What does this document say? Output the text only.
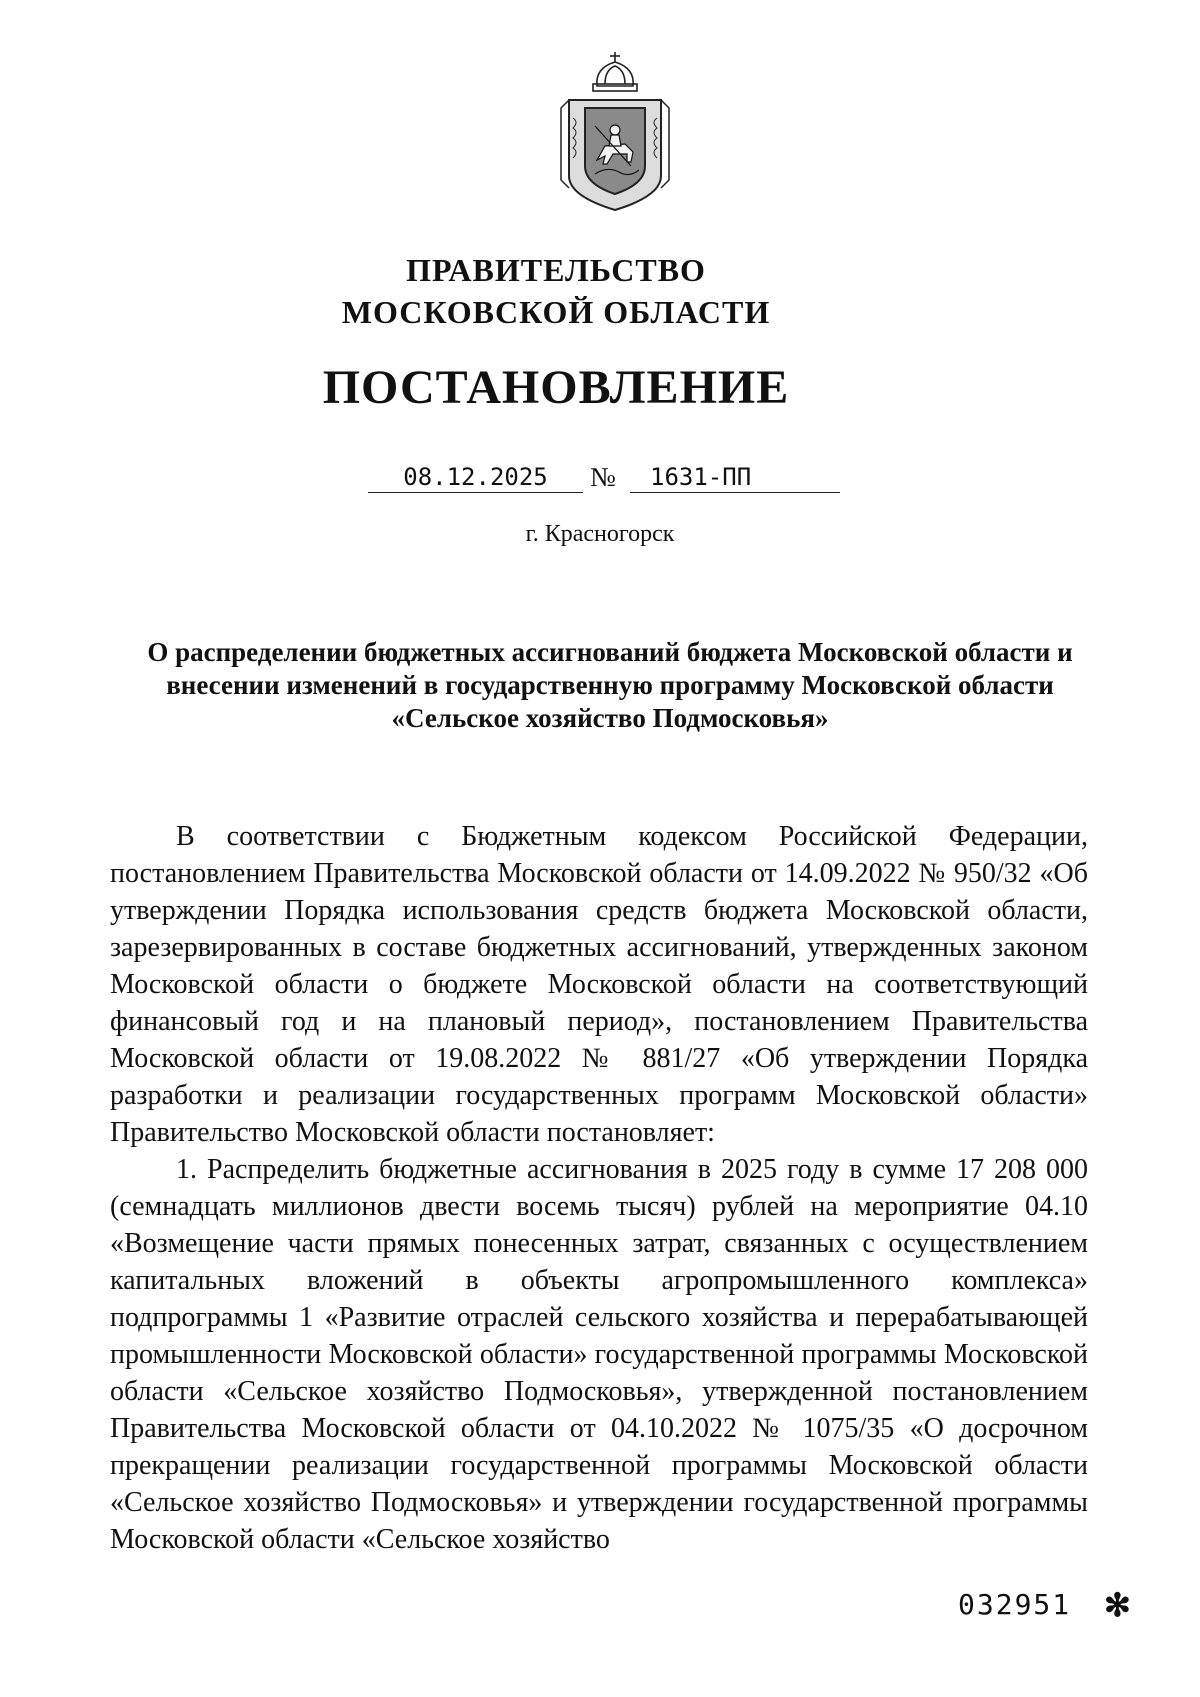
ПРАВИТЕЛЬСТВО
МОСКОВСКОЙ ОБЛАСТИ
ПОСТАНОВЛЕНИЕ
08.12.2025	№	1631-ПП
г. Красногорск
О распределении бюджетных ассигнований бюджета Московской области и внесении изменений в государственную программу Московской области «Сельское хозяйство Подмосковья»

В соответствии с Бюджетным кодексом Российской Федерации, постановлением Правительства Московской области от 14.09.2022 № 950/32 «Об утверждении Порядка использования средств бюджета Московской области, зарезервированных в составе бюджетных ассигнований, утвержденных законом Московской области о бюджете Московской области на соответствующий финансовый год и на плановый период», постановлением Правительства Московской области от 19.08.2022 № 881/27 «Об утверждении Порядка разработки и реализации государственных программ Московской области» Правительство Московской области постановляет:

1. Распределить бюджетные ассигнования в 2025 году в сумме 17 208 000 (семнадцать миллионов двести восемь тысяч) рублей на мероприятие 04.10 «Возмещение части прямых понесенных затрат, связанных с осуществлением капитальных вложений в объекты агропромышленного комплекса» подпрограммы 1 «Развитие отраслей сельского хозяйства и перерабатывающей промышленности Московской области» государственной программы Московской области «Сельское хозяйство Подмосковья», утвержденной постановлением Правительства Московской области от 04.10.2022 № 1075/35 «О досрочном прекращении реализации государственной программы Московской области «Сельское хозяйство Подмосковья» и утверждении государственной программы Московской области «Сельское хозяйство

032951 ✻
